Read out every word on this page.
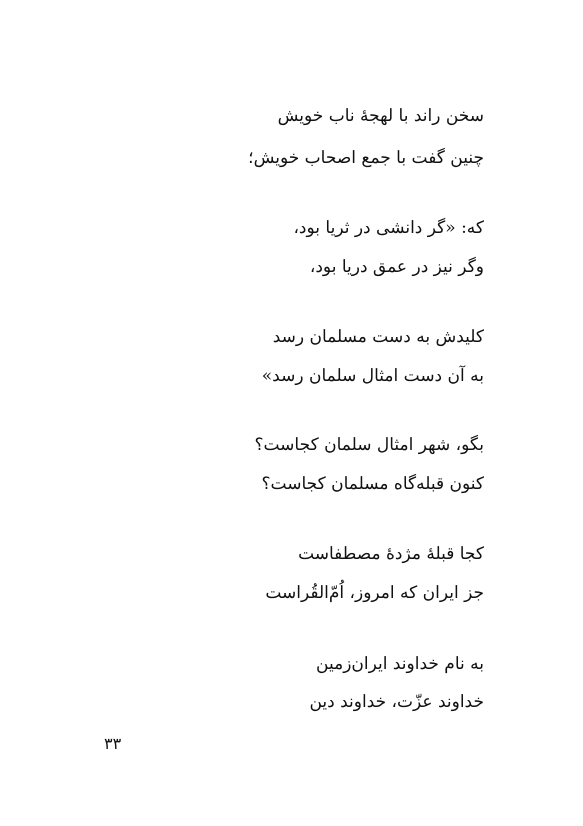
سخن راند با لهجهٔ ناب خویش
چنین گفت با جمع اصحاب خویش؛
که: «گر دانشی در ثریا بود،
وگر نیز در عمق دریا بود،
کلیدش به دست مسلمان رسد
به آن دست امثال سلمان رسد»
بگو، شهر امثال سلمان کجاست؟
کنون قبله‌گاه مسلمان کجاست؟
کجا قبلهٔ مژدهٔ مصطفاست
جز ایران که امروز، اُم‌ّالقُراست
به نام خداوند ایران‌زمین
خداوند عزّت، خداوند دین
۳۳
